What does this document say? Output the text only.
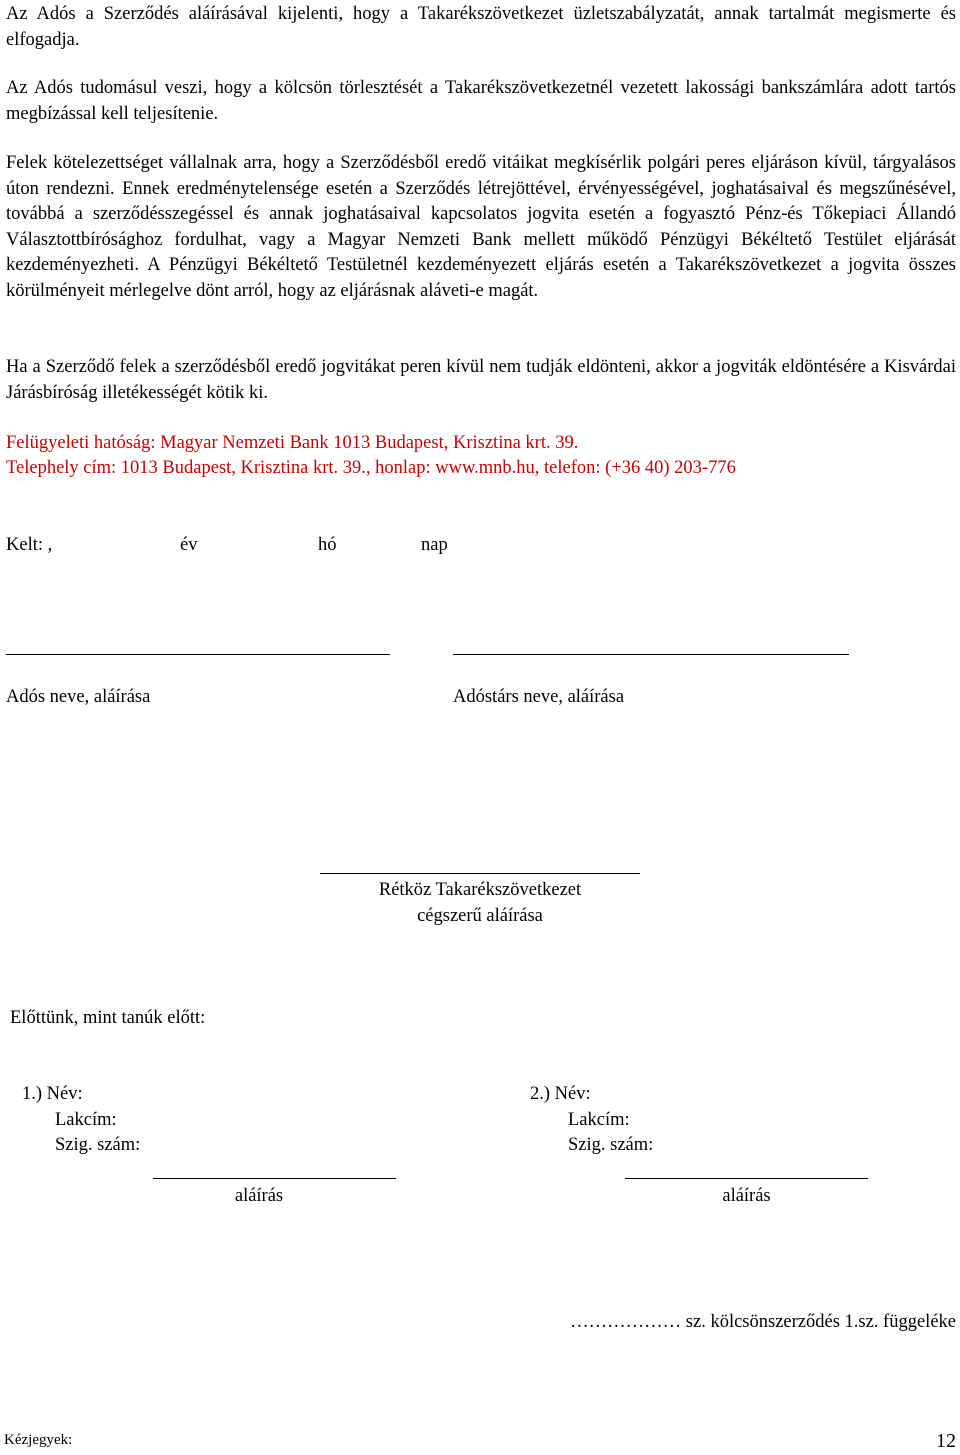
Az Adós a Szerződés aláírásával kijelenti, hogy a Takarékszövetkezet üzletszabályzatát, annak tartalmát megismerte és elfogadja.

Az Adós tudomásul veszi, hogy a kölcsön törlesztését a Takarékszövetkezetnél vezetett lakossági bankszámlára adott tartós megbízással kell teljesítenie.

Felek kötelezettséget vállalnak arra, hogy a Szerződésből eredő vitáikat megkísérlik polgári peres eljáráson kívül, tárgyalásos úton rendezni. Ennek eredménytelensége esetén a Szerződés létrejöttével, érvényességével, joghatásaival és megszűnésével, továbbá a szerződésszegéssel és annak joghatásaival kapcsolatos jogvita esetén a fogyasztó Pénz-és Tőkepiaci Állandó Választottbírósághoz fordulhat, vagy a Magyar Nemzeti Bank mellett működő Pénzügyi Békéltető Testület eljárását kezdeményezheti. A Pénzügyi Békéltető Testületnél kezdeményezett eljárás esetén a Takarékszövetkezet a jogvita összes körülményeit mérlegelve dönt arról, hogy az eljárásnak aláveti-e magát.

Ha a Szerződő felek a szerződésből eredő jogvitákat peren kívül nem tudják eldönteni, akkor a jogviták eldöntésére a Kisvárdai Járásbíróság illetékességét kötik ki.

Felügyeleti hatóság: Magyar Nemzeti Bank 1013 Budapest, Krisztina krt. 39.
Telephely cím: 1013 Budapest, Krisztina krt. 39., honlap: www.mnb.hu, telefon: (+36 40) 203-776
Kelt: ,	év	hó	nap
Adós neve, aláírása	Adóstárs neve, aláírása
Rétköz Takarékszövetkezet
cégszerű aláírása
Előttünk, mint tanúk előtt:
1.) Név:
Lakcím:
Szig. szám:
aláírás
2.) Név:
Lakcím:
Szig. szám:
aláírás
……………… sz. kölcsönszerződés 1.sz. függeléke
Kézjegyek:	12
